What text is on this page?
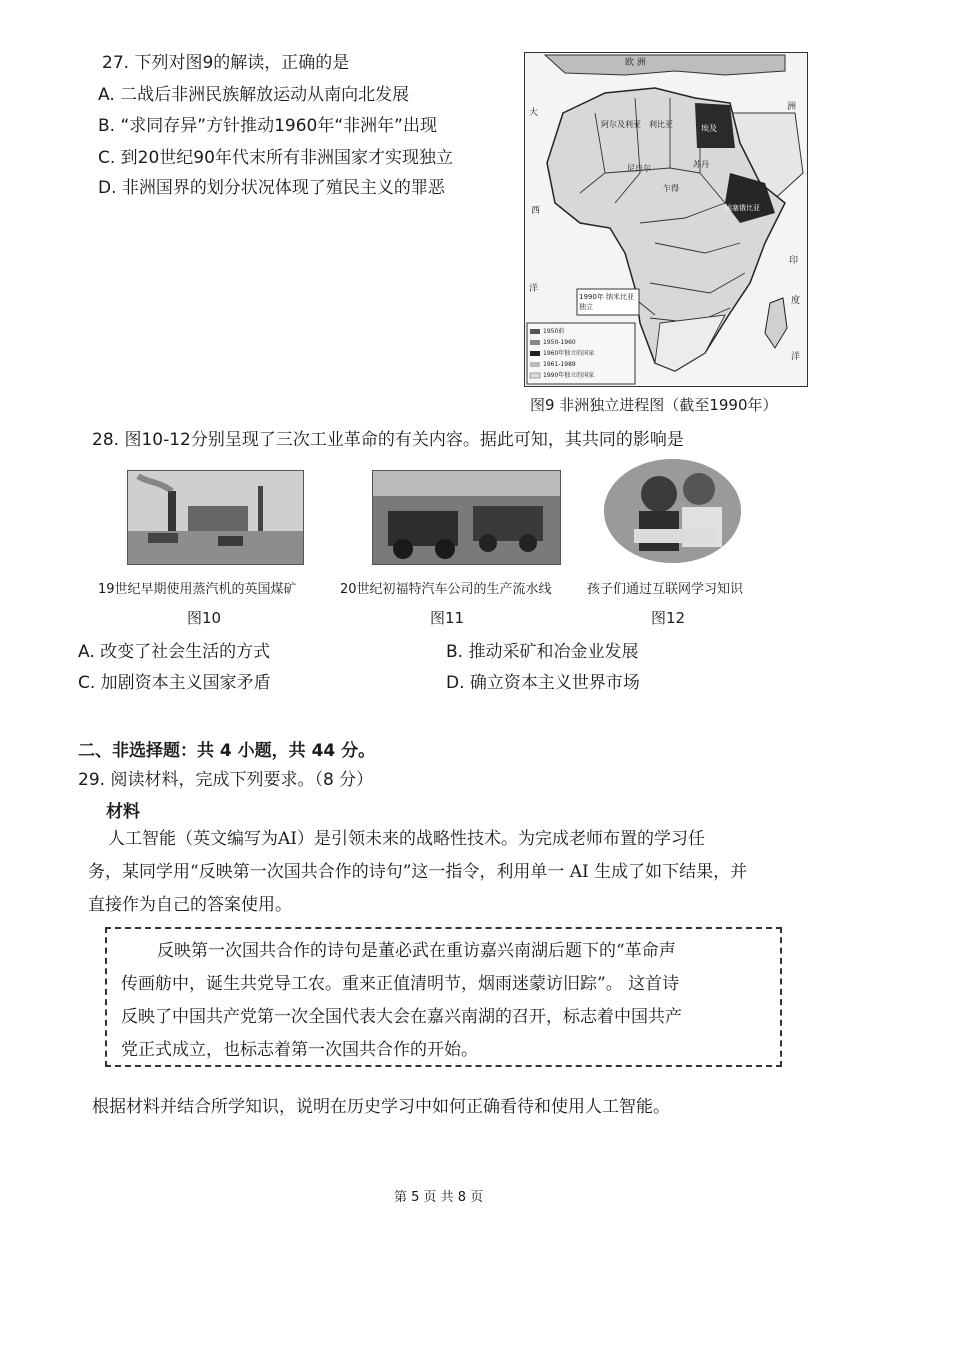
27. 下列对图9的解读，正确的是
A. 二战后非洲民族解放运动从南向北发展
B. “求同存异”方针推动1960年“非洲年”出现
C. 到20世纪90年代末所有非洲国家才实现独立
D. 非洲国界的划分状况体现了殖民主义的罪恶
欧 洲
大
洲
洋
印
度
洋
西
阿尔及利亚 利比亚	埃及
苏丹
尼日尔
乍得
埃塞俄比亚
1990年 纳米比亚独立
1950前
1950-1960
1960年独立的国家
1961-1989
1990年独立的国家
图9 非洲独立进程图（截至1990年）
28. 图10-12分别呈现了三次工业革命的有关内容。据此可知，其共同的影响是
19世纪早期使用蒸汽机的英国煤矿	20世纪初福特汽车公司的生产流水线	孩子们通过互联网学习知识
图10	图11	图12
A. 改变了社会生活的方式	B. 推动采矿和冶金业发展
C. 加剧资本主义国家矛盾	D. 确立资本主义世界市场
二、非选择题：共 4 小题，共 44 分。
29. 阅读材料，完成下列要求。（8 分）
材料
人工智能（英文编写为AI）是引领未来的战略性技术。为完成老师布置的学习任
务，某同学用“反映第一次国共合作的诗句”这一指令，利用单一 AI 生成了如下结果，并
直接作为自己的答案使用。
反映第一次国共合作的诗句是董必武在重访嘉兴南湖后题下的“革命声
传画舫中，诞生共党导工农。重来正值清明节，烟雨迷蒙访旧踪”。 这首诗
反映了中国共产党第一次全国代表大会在嘉兴南湖的召开，标志着中国共产
党正式成立，也标志着第一次国共合作的开始。
根据材料并结合所学知识，说明在历史学习中如何正确看待和使用人工智能。
第 5 页 共 8 页
